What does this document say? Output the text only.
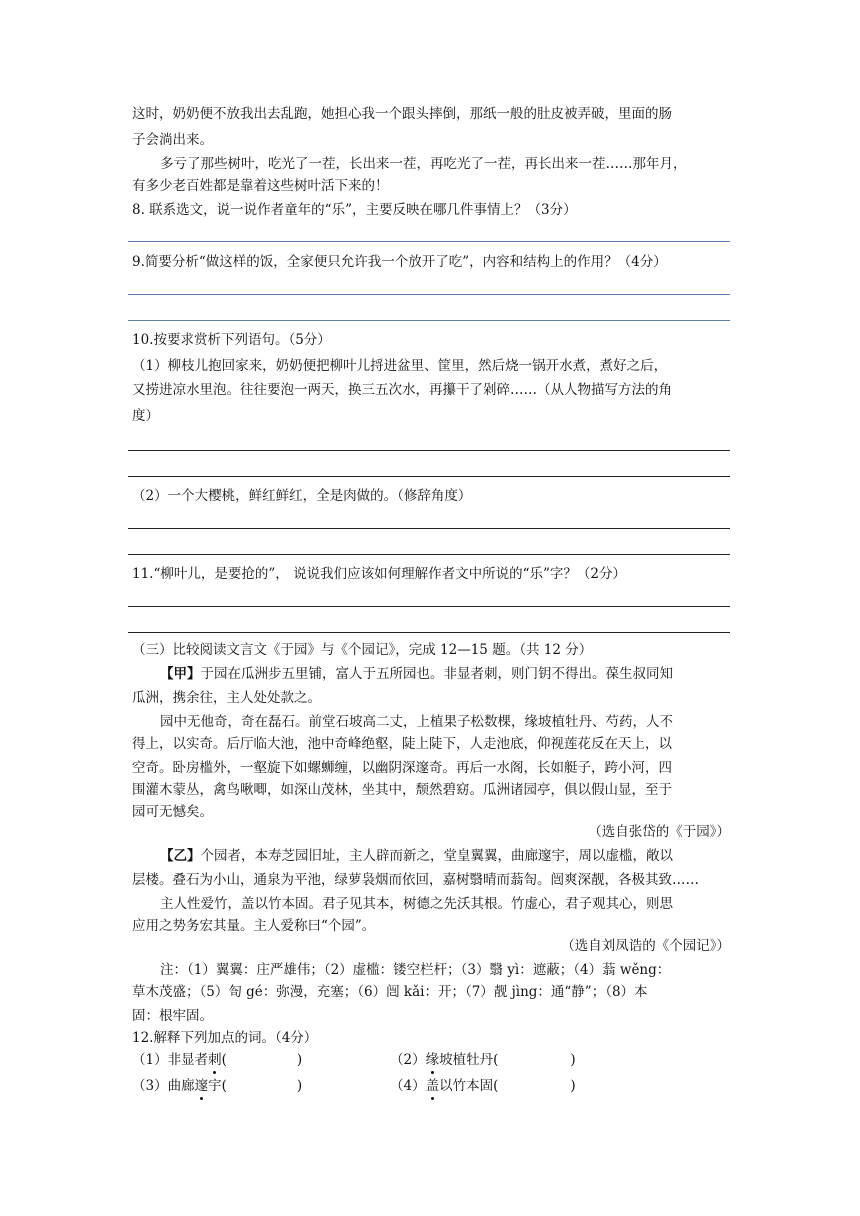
这时，奶奶便不放我出去乱跑，她担心我一个跟头摔倒，那纸一般的肚皮被弄破，里面的肠
子会淌出来。
多亏了那些树叶，吃光了一茬，长出来一茬，再吃光了一茬，再长出来一茬……那年月，
有多少老百姓都是靠着这些树叶活下来的！
8. 联系选文，说一说作者童年的“乐”，主要反映在哪几件事情上？（3分）
9.简要分析“做这样的饭，全家便只允许我一个放开了吃”，内容和结构上的作用？（4分）
10.按要求赏析下列语句。（5分）
（1）柳枝儿抱回家来，奶奶便把柳叶儿捋进盆里、筐里，然后烧一锅开水煮，煮好之后，
又捞进凉水里泡。往往要泡一两天，换三五次水，再攥干了剁碎……（从人物描写方法的角
度）
（2）一个大樱桃，鲜红鲜红，全是肉做的。（修辞角度）
11.“柳叶儿，是要抢的”， 说说我们应该如何理解作者文中所说的“乐”字？（2分）
（三）比较阅读文言文《于园》与《个园记》，完成 12—15 题。（共 12 分）
【甲】于园在瓜洲步五里铺，富人于五所园也。非显者刺，则门钥不得出。葆生叔同知
瓜洲，携余往，主人处处款之。
园中无他奇，奇在磊石。前堂石坡高二丈，上植果子松数棵，缘坡植牡丹、芍药，人不
得上，以实奇。后厅临大池，池中奇峰绝壑，陡上陡下，人走池底，仰视莲花反在天上，以
空奇。卧房槛外，一壑旋下如螺蛳缠，以幽阴深邃奇。再后一水阁，长如艇子，跨小河，四
围灌木蒙丛，禽鸟啾唧，如深山茂林，坐其中，颓然碧窈。瓜洲诸园亭，俱以假山显，至于
园可无憾矣。
（选自张岱的《于园》）
【乙】个园者，本寿芝园旧址，主人辟而新之，堂皇翼翼，曲廊邃宇，周以虚槛，敞以
层楼。叠石为小山，通泉为平池，绿萝袅烟而依回，嘉树翳晴而蓊匌。闿爽深靓，各极其致……
主人性爱竹，盖以竹本固。君子见其本，树德之先沃其根。竹虚心，君子观其心，则思
应用之势务宏其量。主人爱称曰“个园”。
（选自刘凤诰的《个园记》）
注：（1）翼翼：庄严雄伟；（2）虚槛：镂空栏杆；（3）翳 yì：遮蔽；（4）蓊 wěng：
草木茂盛；（5）匌 gé：弥漫，充塞；（6）闿 kǎi：开；（7）靓 jìng：通“静”；（8）本
固：根牢固。
12.解释下列加点的词。（4分）
（1）非显者刺(	)	（2）缘坡植牡丹(	)
（3）曲廊邃宇(	)	（4）盖以竹本固(	)
